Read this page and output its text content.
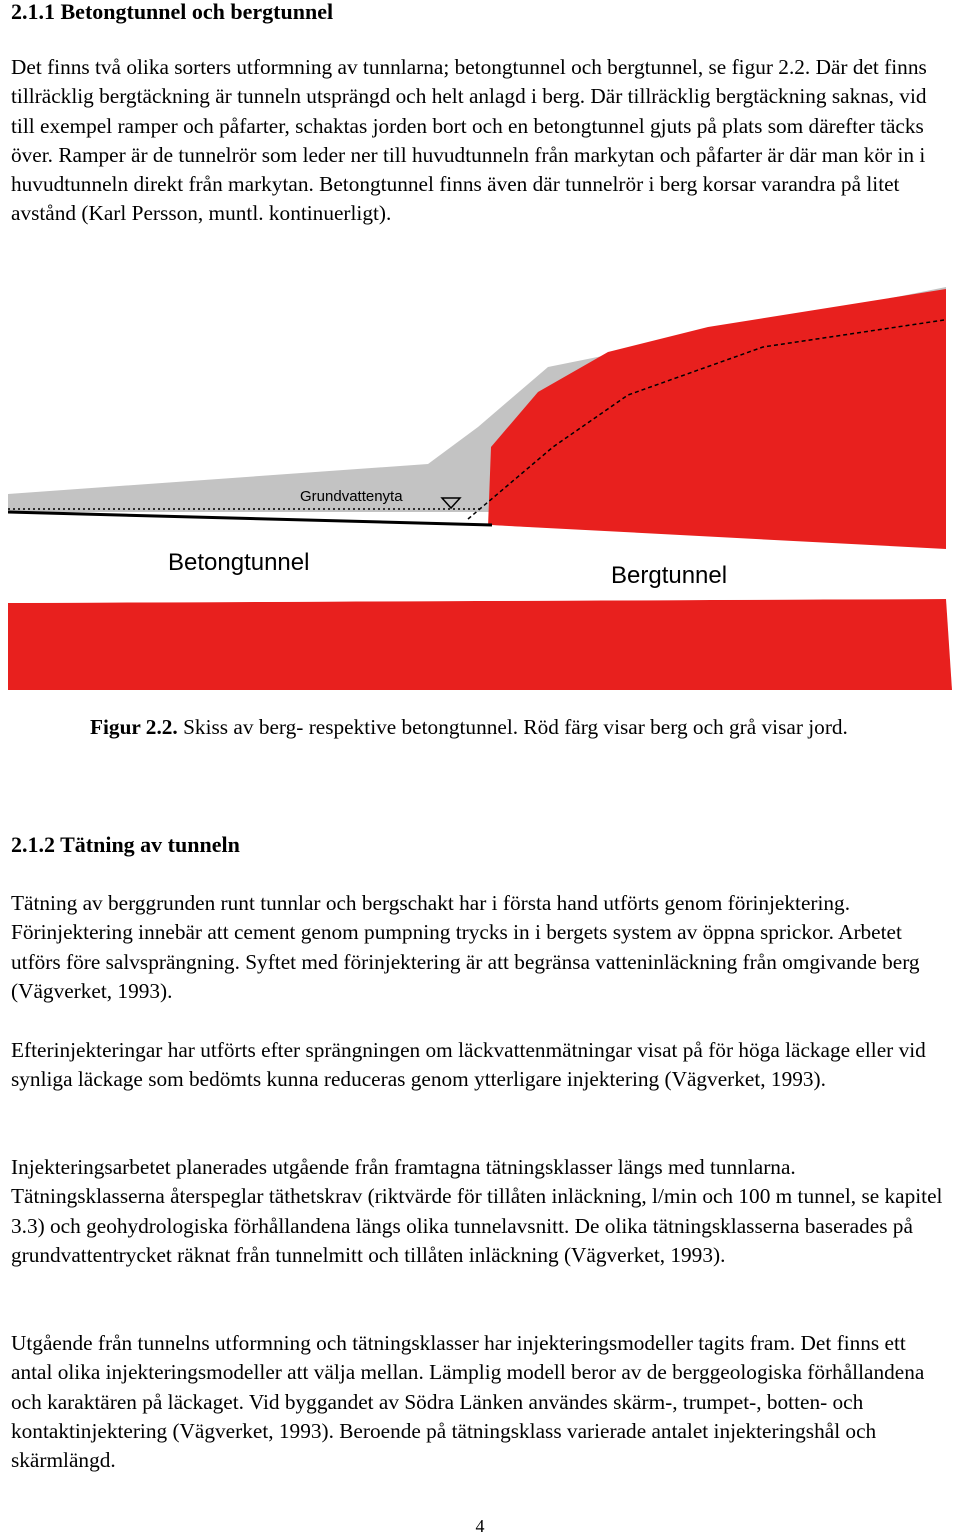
2.1.1 Betongtunnel och bergtunnel

Det finns två olika sorters utformning av tunnlarna; betongtunnel och bergtunnel, se figur 2.2. Där det finns tillräcklig bergtäckning är tunneln utsprängd och helt anlagd i berg. Där tillräcklig bergtäckning saknas, vid till exempel ramper och påfarter, schaktas jorden bort och en betongtunnel gjuts på plats som därefter täcks över. Ramper är de tunnelrör som leder ner till huvudtunneln från markytan och påfarter är där man kör in i huvudtunneln direkt från markytan. Betongtunnel finns även där tunnelrör i berg korsar varandra på litet avstånd (Karl Persson, muntl. kontinuerligt).

Grundvattenyta
Betongtunnel	Bergtunnel

Figur 2.2. Skiss av berg- respektive betongtunnel. Röd färg visar berg och grå visar jord.

2.1.2 Tätning av tunneln

Tätning av berggrunden runt tunnlar och bergschakt har i första hand utförts genom förinjektering. Förinjektering innebär att cement genom pumpning trycks in i bergets system av öppna sprickor. Arbetet utförs före salvsprängning. Syftet med förinjektering är att begränsa vatteninläckning från omgivande berg (Vägverket, 1993).

Efterinjekteringar har utförts efter sprängningen om läckvattenmätningar visat på för höga läckage eller vid synliga läckage som bedömts kunna reduceras genom ytterligare injektering (Vägverket, 1993).

Injekteringsarbetet planerades utgående från framtagna tätningsklasser längs med tunnlarna. Tätningsklasserna återspeglar täthetskrav (riktvärde för tillåten inläckning, l/min och 100 m tunnel, se kapitel 3.3) och geohydrologiska förhållandena längs olika tunnelavsnitt. De olika tätningsklasserna baserades på grundvattentrycket räknat från tunnelmitt och tillåten inläckning (Vägverket, 1993).

Utgående från tunnelns utformning och tätningsklasser har injekteringsmodeller tagits fram. Det finns ett antal olika injekteringsmodeller att välja mellan. Lämplig modell beror av de berggeologiska förhållandena och karaktären på läckaget. Vid byggandet av Södra Länken användes skärm-, trumpet-, botten- och kontaktinjektering (Vägverket, 1993). Beroende på tätningsklass varierade antalet injekteringshål och skärmlängd.

4
